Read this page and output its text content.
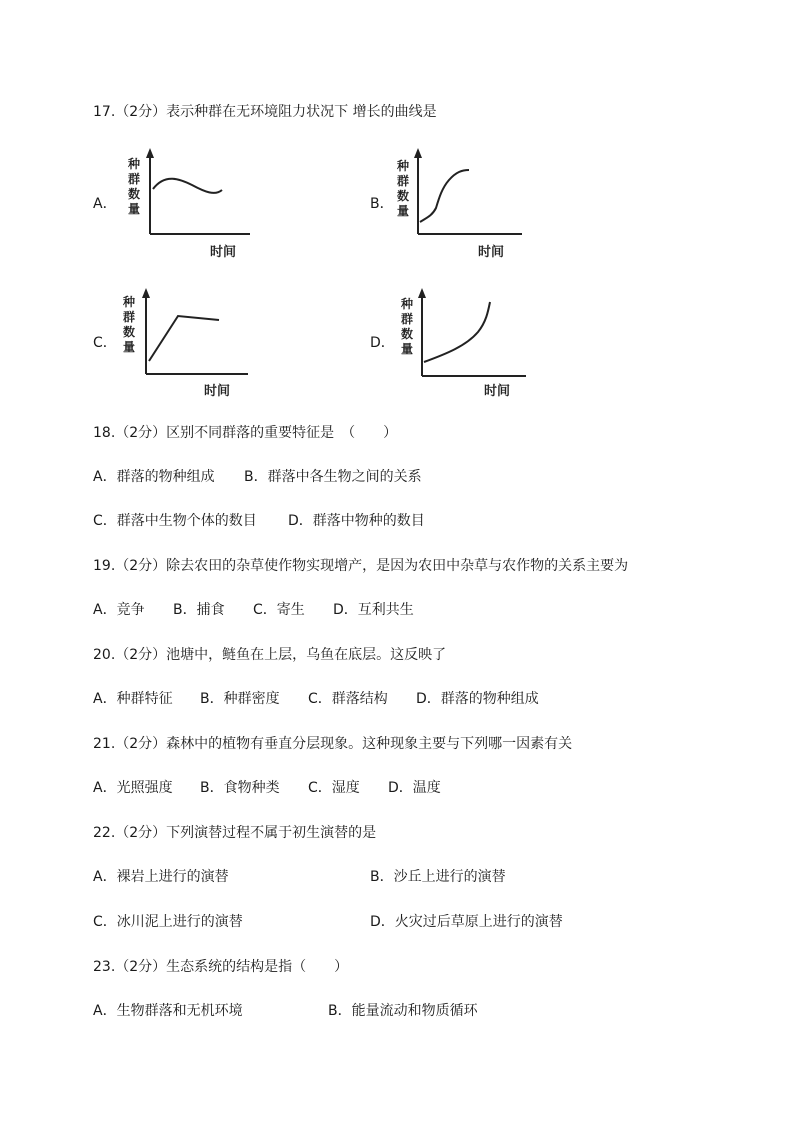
17.（2分）表示种群在无环境阻力状况下 增长的曲线是
A．
种
群
数
量
时间
B．
种
群
数
量
时间
C．
种
群
数
量
时间
D．
种
群
数
量
时间
18.（2分）区别不同群落的重要特征是　（　　）
A．群落的物种组成 B．群落中各生物之间的关系
C．群落中生物个体的数目 D．群落中物种的数目
19.（2分）除去农田的杂草使作物实现增产，是因为农田中杂草与农作物的关系主要为
A．竞争 B．捕食 C．寄生 D．互利共生
20.（2分）池塘中，鲢鱼在上层，乌鱼在底层。这反映了
A．种群特征 B．种群密度 C．群落结构 D．群落的物种组成
21.（2分）森林中的植物有垂直分层现象。这种现象主要与下列哪一因素有关
A．光照强度 B．食物种类 C．湿度 D．温度
22.（2分）下列演替过程不属于初生演替的是
A．裸岩上进行的演替	B．沙丘上进行的演替
C．冰川泥上进行的演替	D．火灾过后草原上进行的演替
23.（2分）生态系统的结构是指（　　）
A．生物群落和无机环境	B．能量流动和物质循环
